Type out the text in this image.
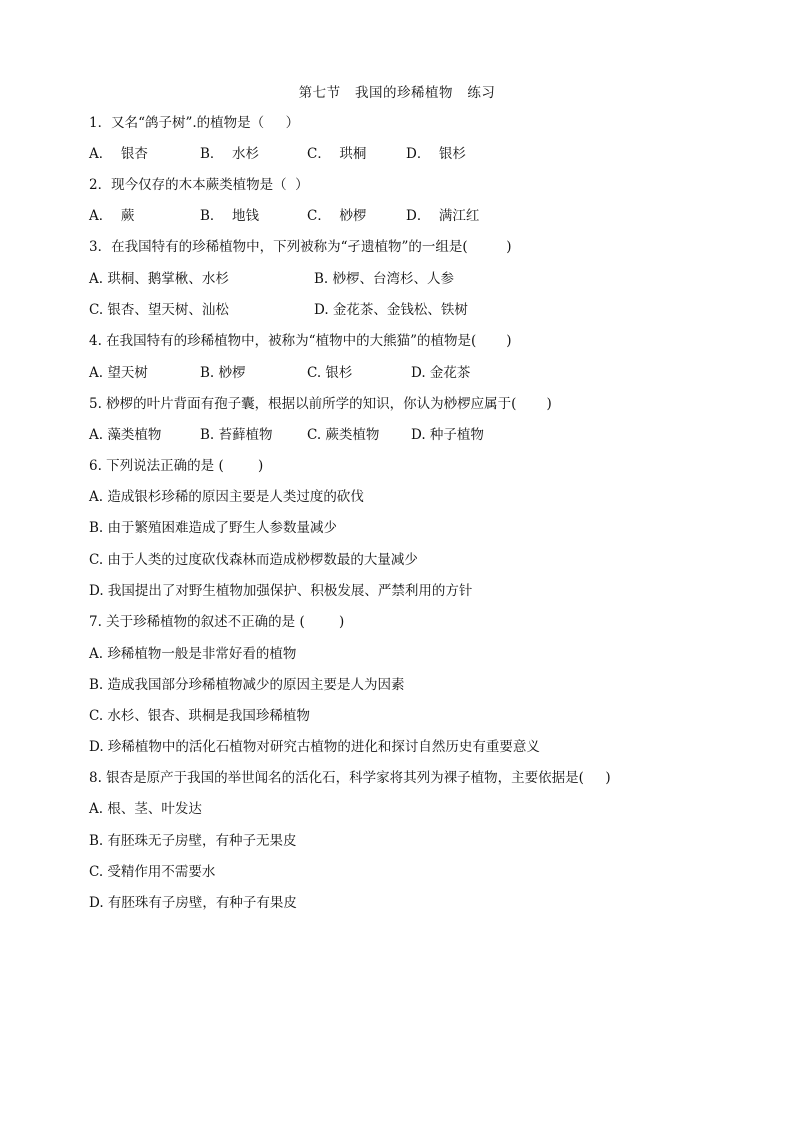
第七节   我国的珍稀植物   练习
1．又名“鸽子树”.的植物是（     ）
A．  银杏	B．  水杉	C．  珙桐	D．  银杉
2．现今仅存的木本蕨类植物是（  ）
A．  蕨	B．  地钱	C．  桫椤	D．  满江红
3．在我国特有的珍稀植物中，下列被称为“孑遗植物”的一组是(         )
A. 珙桐、鹅掌楸、水杉	B. 桫椤、台湾杉、人参
C. 银杏、望天树、汕松	D. 金花茶、金钱松、铁树
4. 在我国特有的珍稀植物中，被称为“植物中的大熊猫”的植物是(       )
A. 望天树	B. 桫椤	C. 银杉	D. 金花茶
5. 桫椤的叶片背面有孢子囊，根据以前所学的知识，你认为桫椤应属于(       )
A. 藻类植物	B. 苔藓植物	C. 蕨类植物 D. 种子植物
6. 下列说法正确的是 (        )
A. 造成银杉珍稀的原因主要是人类过度的砍伐
B. 由于繁殖困难造成了野生人参数量减少
C. 由于人类的过度砍伐森林而造成桫椤数最的大量减少
D. 我国提出了对野生植物加强保护、积极发展、严禁利用的方针
7. 关于珍稀植物的叙述不正确的是 (        )
A. 珍稀植物一般是非常好看的植物
B. 造成我国部分珍稀植物减少的原因主要是人为因素
C. 水杉、银杏、珙桐是我国珍稀植物
D. 珍稀植物中的活化石植物对研究古植物的进化和探讨自然历史有重要意义
8. 银杏是原产于我国的举世闻名的活化石，科学家将其列为裸子植物，主要依据是(     )
A. 根、茎、叶发达
B. 有胚珠无子房壁，有种子无果皮
C. 受精作用不需要水
D. 有胚珠有子房壁，有种子有果皮
